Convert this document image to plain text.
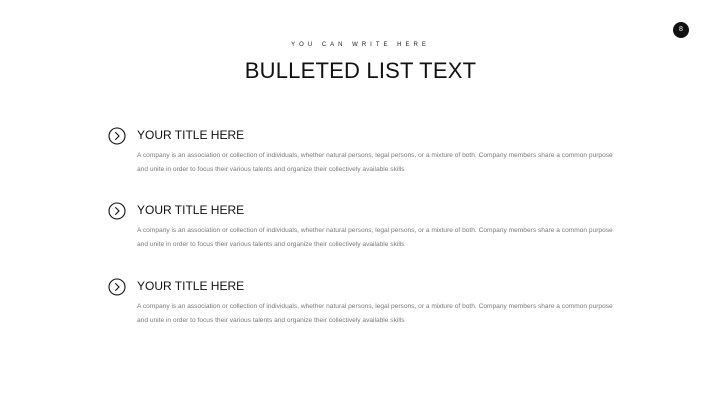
8
YOU CAN WRITE HERE
BULLETED LIST TEXT
YOUR TITLE HERE
A company is an association or collection of individuals, whether natural persons, legal persons, or a mixture of both. Company members share a common purpose and unite in order to focus their various talents and organize their collectively available skills
YOUR TITLE HERE
A company is an association or collection of individuals, whether natural persons, legal persons, or a mixture of both. Company members share a common purpose and unite in order to focus their various talents and organize their collectively available skills
YOUR TITLE HERE
A company is an association or collection of individuals, whether natural persons, legal persons, or a mixture of both. Company members share a common purpose and unite in order to focus their various talents and organize their collectively available skills
